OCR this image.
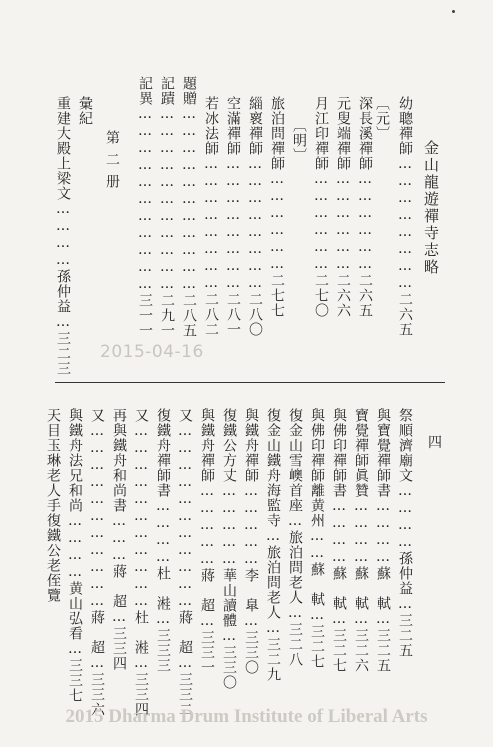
金山龍遊禪寺志略
四
幼聰禪師……………………二六五
〔元〕
深長溪禪師………………二六五
元叟端禪師………………二六六
月江印禪師………………二七〇
〔明〕
旅泊問禪師………………二七七
緇褱禪師……………………二八〇
空滿禪師……………………二八一
若冰法師……………………二八二
題贈……………………………二八五
記蹟……………………………二九一
記異……………………………三一一
第二册
彙紀
重建大殿上梁文…………孫仲益…三二三 2015-04-16
祭順濟廟文…………孫仲益…三二五
與寶覺禪師書…………蘇　軾…三二五
寶覺禪師眞贊…………蘇　軾…三二六
與佛印禪師書…………蘇　軾…三二七
與佛印禪師離黄州……蘇　軾…三二七
復金山雪㠗首座…旅泊問老人…三二八
復金山鐵舟海監寺…旅泊問老人…三二九
與鐵舟禪師……………李　臯…三三〇
復鐵公方丈……………華山讀體…三三〇
與鐵舟禪師……………蔣　超…三三一
又……………………………蔣　超…三三二
復鐵舟禪師書…………杜　溎…三三三
又……………………………杜　溎…三三四
再與鐵舟和尚書………蔣　超…三三四
又……………………………蔣　超…三三六
與鐵舟法兄和尚…………黄山弘看…三三七
天目玉琳老人手復鐵公老侄覽
2015 Dharma Drum Institute of Liberal Arts
